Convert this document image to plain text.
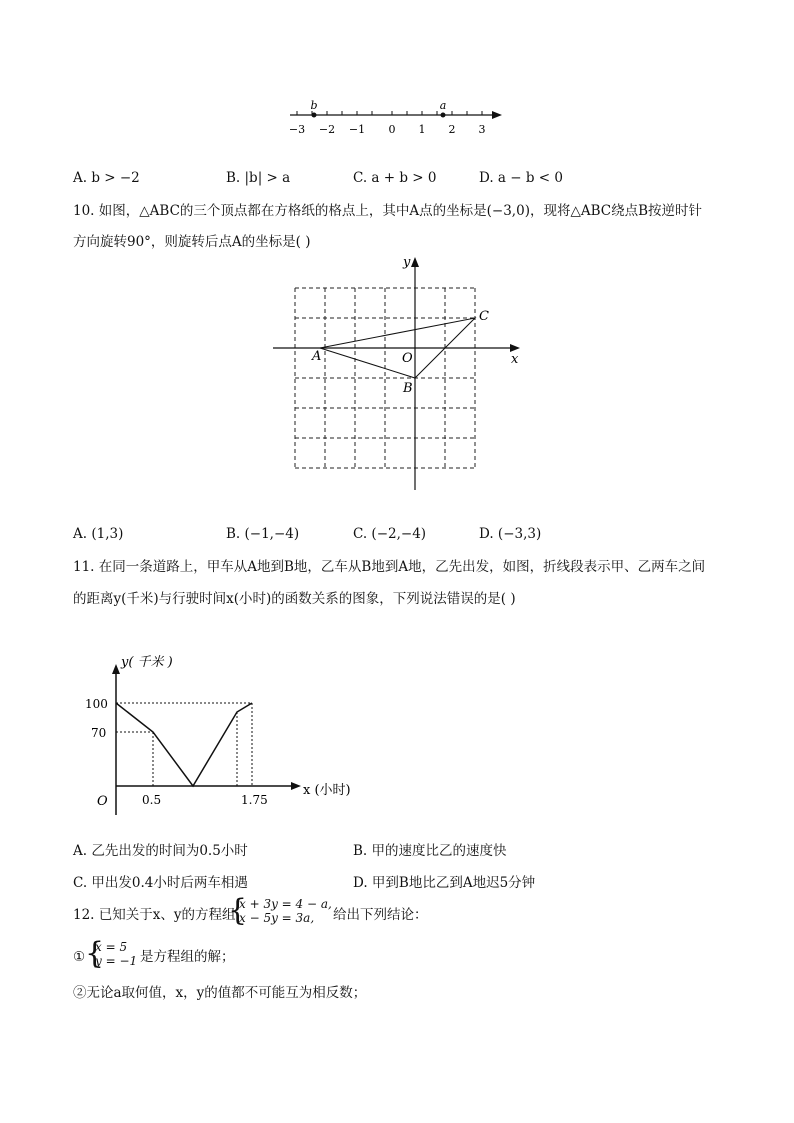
b	a
−3 −2 −1 0 1 2 3
A. b > −2	B. |b| > a	C. a + b > 0	D. a − b < 0
10. 如图，△ABC的三个顶点都在方格纸的格点上，其中A点的坐标是(−3,0)，现将△ABC绕点B按逆时针
方向旋转90°，则旋转后点A的坐标是( )
y
x
A	O
B
C
A. (1,3)	B. (−1,−4)	C. (−2,−4)	D. (−3,3)
11. 在同一条道路上，甲车从A地到B地，乙车从B地到A地，乙先出发，如图，折线段表示甲、乙两车之间
的距离y(千米)与行驶时间x(小时)的函数关系的图象，下列说法错误的是( )
y( 千米 )
x (小时)
O
100
70
0.5	1.75
A. 乙先出发的时间为0.5小时	B. 甲的速度比乙的速度快
C. 甲出发0.4小时后两车相遇	D. 甲到B地比乙到A地迟5分钟
12. 已知关于x、y的方程组
{
x + 3y = 4 − a,
x − 5y = 3a, 给出下列结论：
① {
x = 5
y = −1 是方程组的解；
②无论a取何值，x，y的值都不可能互为相反数；
